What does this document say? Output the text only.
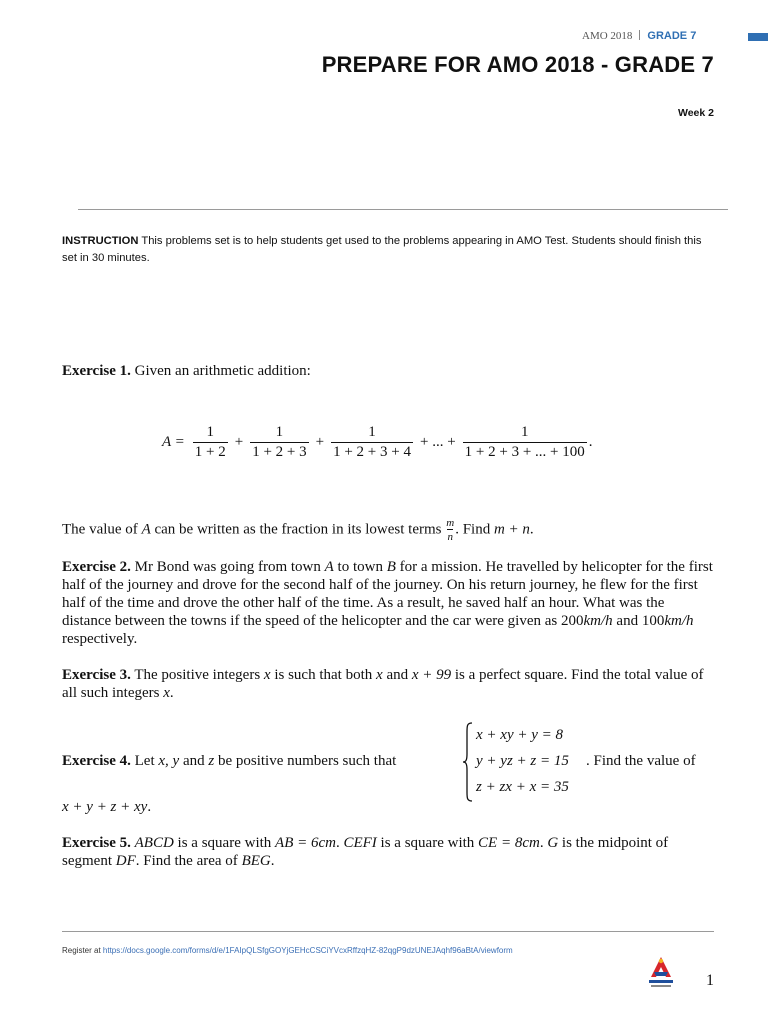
AMO 2018 GRADE 7
PREPARE FOR AMO 2018 - GRADE 7
Week 2
INSTRUCTION This problems set is to help students get used to the problems appearing in AMO Test. Students should finish this set in 30 minutes.
Exercise 1. Given an arithmetic addition:
$A = \frac{1}{1 + 2} + \frac{1}{1 + 2 + 3} + \frac{1}{1 + 2 + 3 + 4}$ + ... + $\frac{1}{1 + 2 + 3 + ... + 100}$ .
The value of A can be written as the fraction in its lowest terms $\frac{m}{n}$ . Find m + n.
Exercise 2. Mr Bond was going from town A to town B for a mission. He travelled by helicopter for the first half of the journey and drove for the second half of the journey. On his return journey, he flew for the first half of the time and drove the other half of the time. As a result, he saved half an hour. What was the distance between the towns if the speed of the helicopter and the car were given as 200km/h and 100km/h respectively.
Exercise 3. The positive integers x is such that both x and x + 99 is a perfect square. Find the total value of all such integers x.
Exercise 4. Let x, y and z be positive numbers such that
x + xy + y = 8
y + yz + z = 15
z + zx + x = 35
. Find the value of
x + y + z + xy.
Exercise 5. ABCD is a square with AB = 6cm. CEFI is a square with CE = 8cm. G is the midpoint of segment DF. Find the area of BEG.
Register at https://docs.google.com/forms/d/e/1FAIpQLSfgGOYjGEHcCSCiYVcxRffzqHZ-82qgP9dzUNEJAqhf96aBtA/viewform
1
